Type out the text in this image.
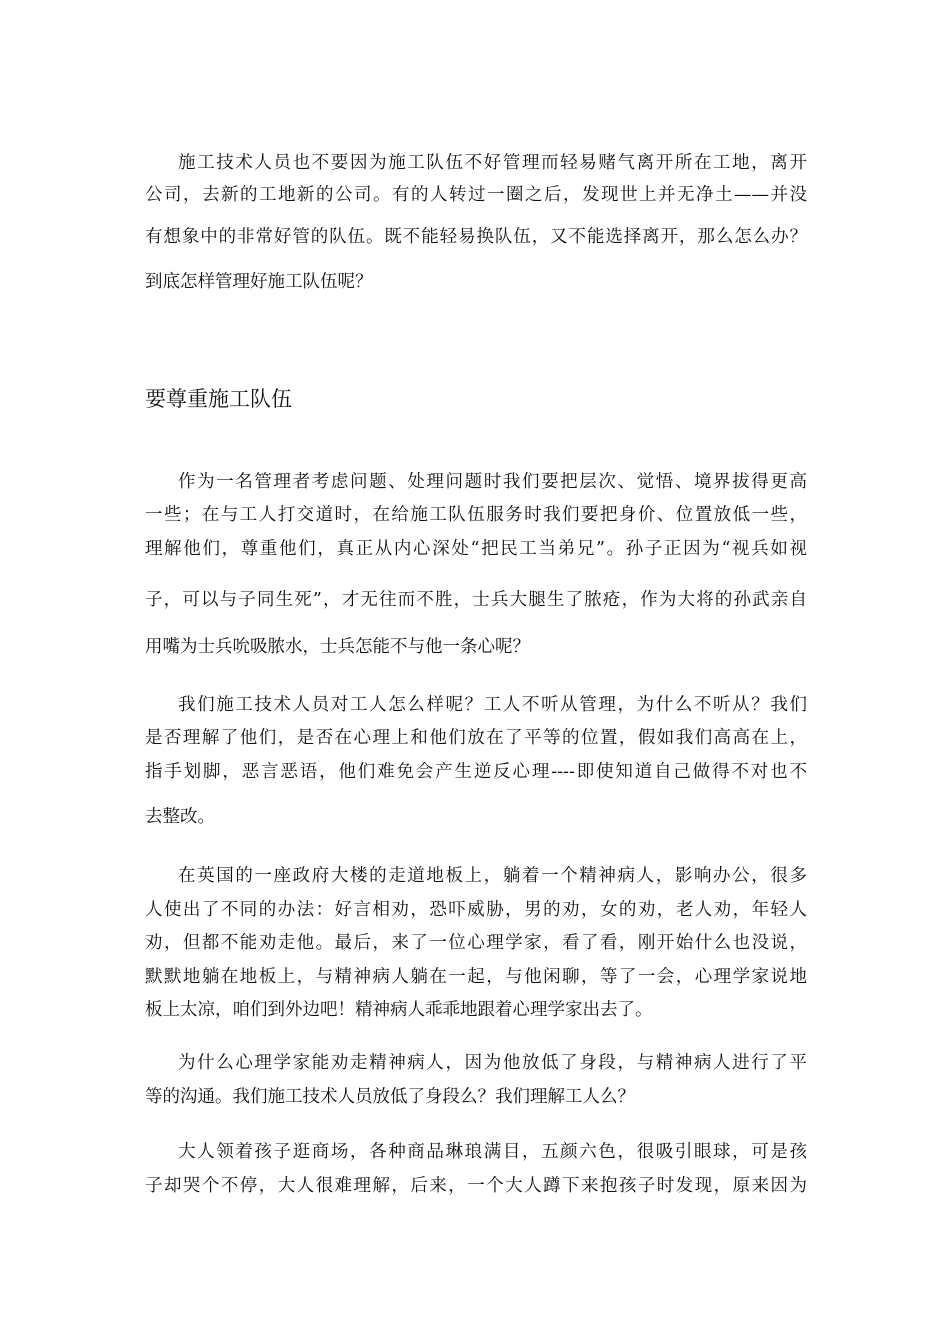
施工技术人员也不要因为施工队伍不好管理而轻易赌气离开所在工地，离开
公司，去新的工地新的公司。有的人转过一圈之后，发现世上并无净土——并没
有想象中的非常好管的队伍。既不能轻易换队伍，又不能选择离开，那么怎么办？
到底怎样管理好施工队伍呢？
要尊重施工队伍
作为一名管理者考虑问题、处理问题时我们要把层次、觉悟、境界拔得更高
一些；在与工人打交道时，在给施工队伍服务时我们要把身价、位置放低一些，
理解他们，尊重他们，真正从内心深处“把民工当弟兄”。孙子正因为“视兵如视
子，可以与子同生死”，才无往而不胜，士兵大腿生了脓疮，作为大将的孙武亲自
用嘴为士兵吮吸脓水，士兵怎能不与他一条心呢？
我们施工技术人员对工人怎么样呢？工人不听从管理，为什么不听从？我们
是否理解了他们，是否在心理上和他们放在了平等的位置，假如我们高高在上，
指手划脚，恶言恶语，他们难免会产生逆反心理----即使知道自己做得不对也不
去整改。
在英国的一座政府大楼的走道地板上，躺着一个精神病人，影响办公，很多
人使出了不同的办法：好言相劝，恐吓威胁，男的劝，女的劝，老人劝，年轻人
劝，但都不能劝走他。最后，来了一位心理学家，看了看，刚开始什么也没说，
默默地躺在地板上，与精神病人躺在一起，与他闲聊，等了一会，心理学家说地
板上太凉，咱们到外边吧！精神病人乖乖地跟着心理学家出去了。
为什么心理学家能劝走精神病人，因为他放低了身段，与精神病人进行了平
等的沟通。我们施工技术人员放低了身段么？我们理解工人么？
大人领着孩子逛商场，各种商品琳琅满目，五颜六色，很吸引眼球，可是孩
子却哭个不停，大人很难理解，后来，一个大人蹲下来抱孩子时发现，原来因为
